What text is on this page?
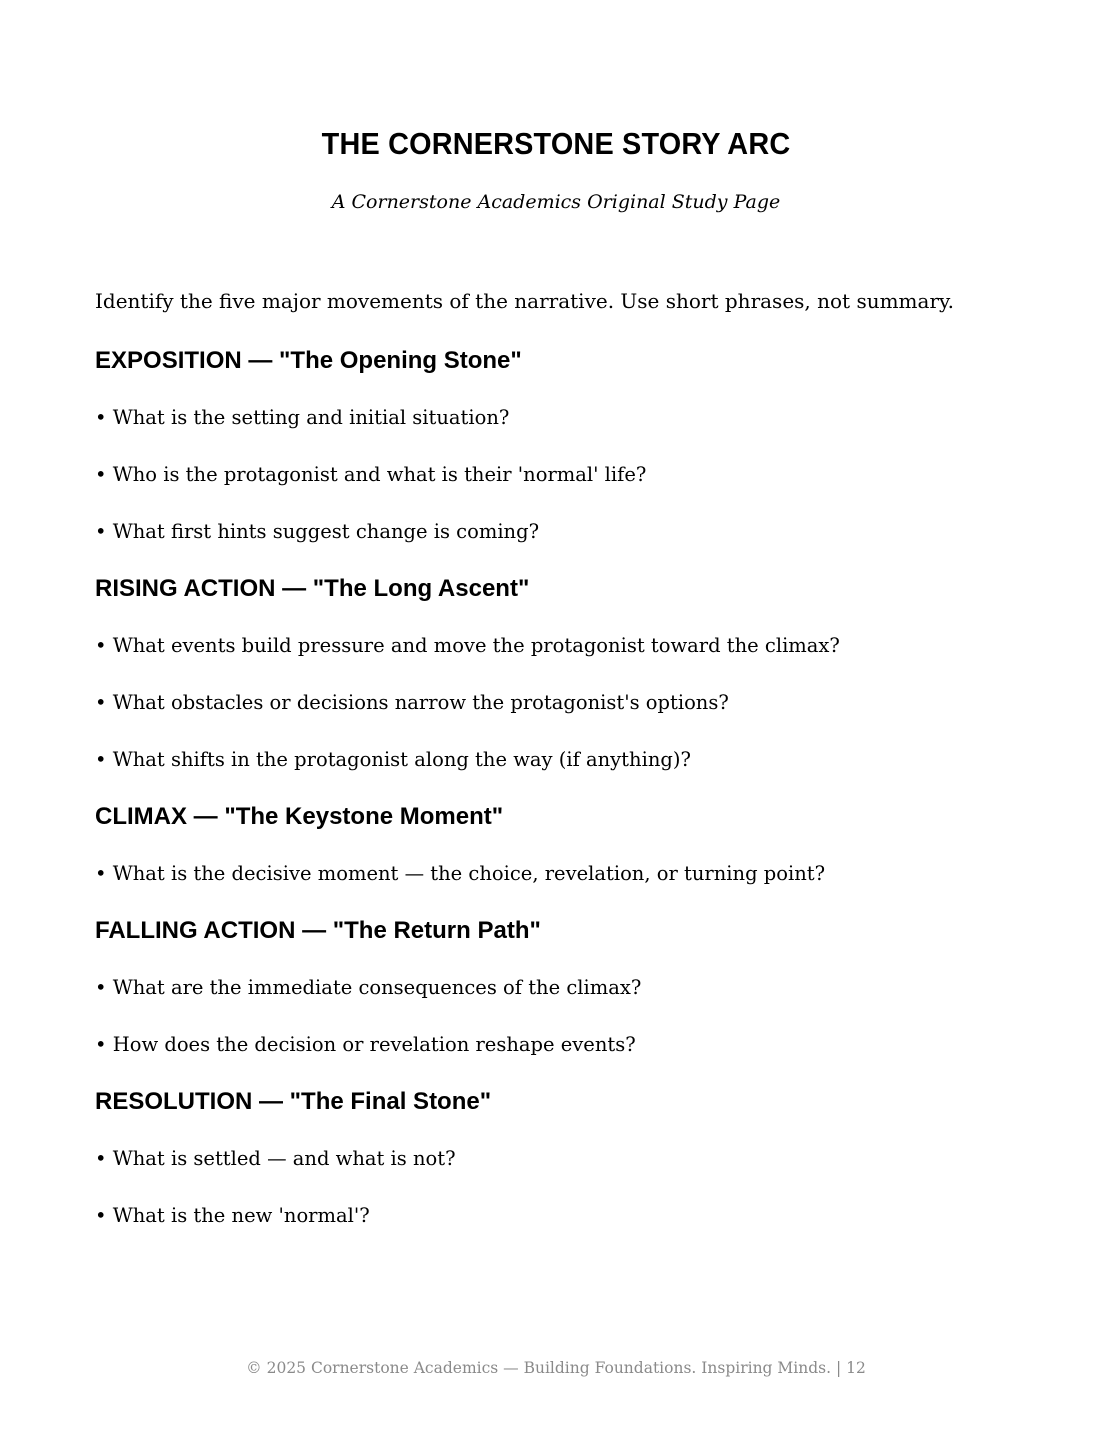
THE CORNERSTONE STORY ARC

A Cornerstone Academics Original Study Page

Identify the five major movements of the narrative. Use short phrases, not summary.

EXPOSITION — "The Opening Stone"

• What is the setting and initial situation?

• Who is the protagonist and what is their 'normal' life?

• What first hints suggest change is coming?

RISING ACTION — "The Long Ascent"

• What events build pressure and move the protagonist toward the climax?

• What obstacles or decisions narrow the protagonist's options?

• What shifts in the protagonist along the way (if anything)?

CLIMAX — "The Keystone Moment"

• What is the decisive moment — the choice, revelation, or turning point?

FALLING ACTION — "The Return Path"

• What are the immediate consequences of the climax?

• How does the decision or revelation reshape events?

RESOLUTION — "The Final Stone"

• What is settled — and what is not?

• What is the new 'normal'?

© 2025 Cornerstone Academics — Building Foundations. Inspiring Minds. | 12
